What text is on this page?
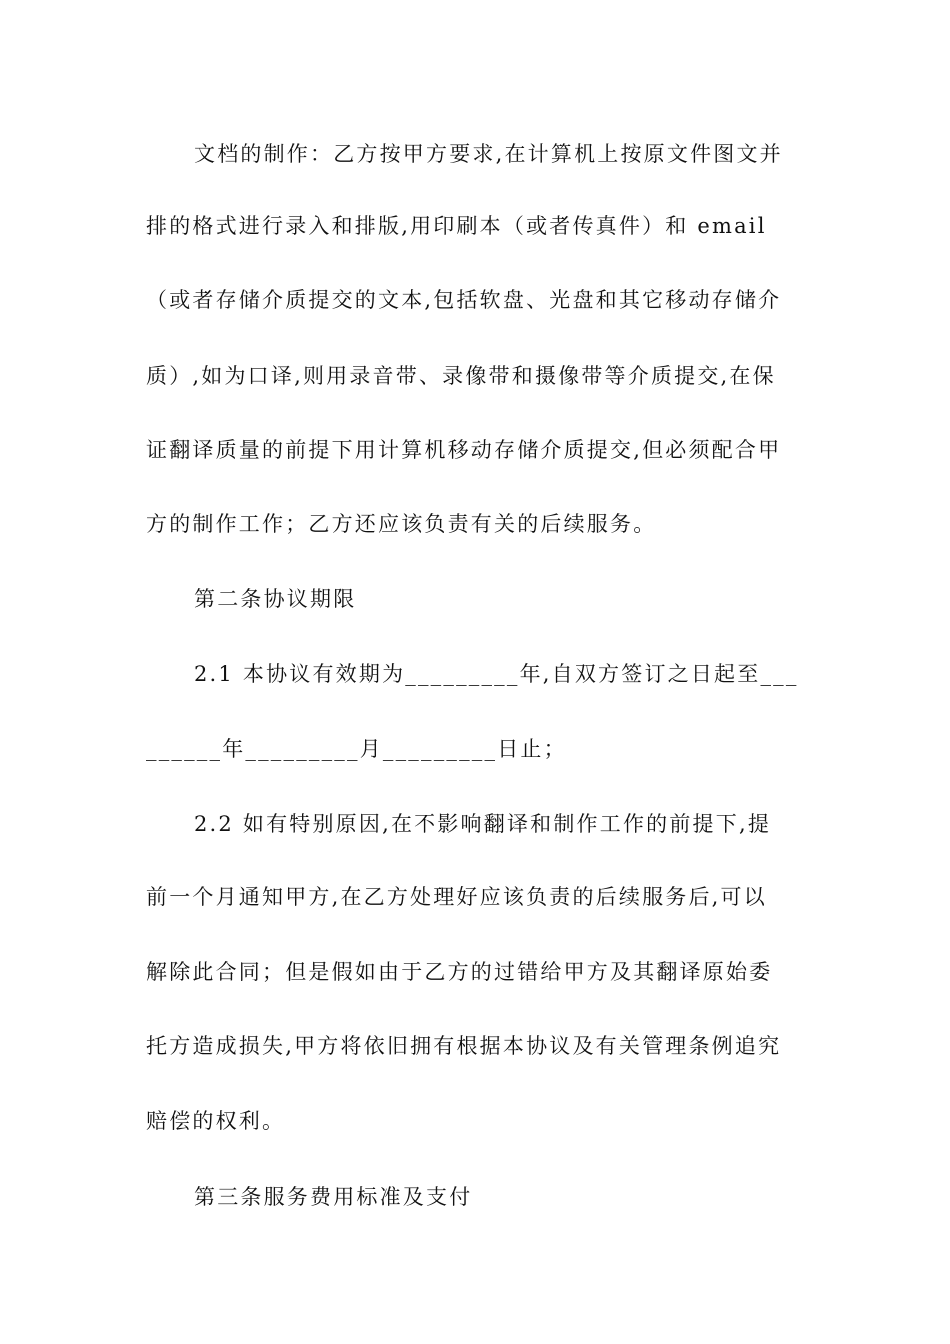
文档的制作：乙方按甲方要求,在计算机上按原文件图文并
排的格式进行录入和排版,用印刷本（或者传真件）和 email
（或者存储介质提交的文本,包括软盘、光盘和其它移动存储介
质）,如为口译,则用录音带、录像带和摄像带等介质提交,在保
证翻译质量的前提下用计算机移动存储介质提交,但必须配合甲
方的制作工作；乙方还应该负责有关的后续服务。
第二条协议期限
2.1 本协议有效期为_________年,自双方签订之日起至___
______年_________月_________日止；
2.2 如有特别原因,在不影响翻译和制作工作的前提下,提
前一个月通知甲方,在乙方处理好应该负责的后续服务后,可以
解除此合同；但是假如由于乙方的过错给甲方及其翻译原始委
托方造成损失,甲方将依旧拥有根据本协议及有关管理条例追究
赔偿的权利。
第三条服务费用标准及支付
